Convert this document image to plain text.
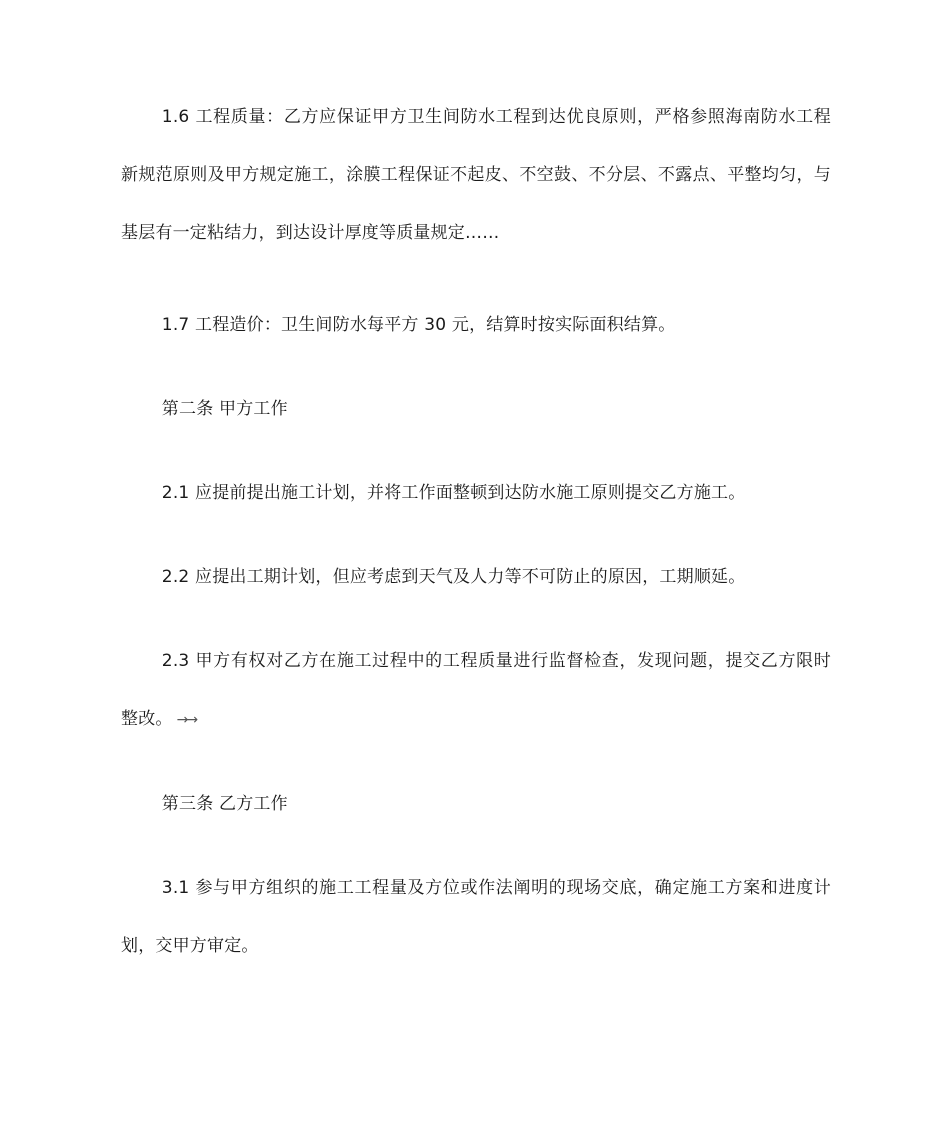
1.6 工程质量：乙方应保证甲方卫生间防水工程到达优良原则，严格参照海南防水工程新规范原则及甲方规定施工，涂膜工程保证不起皮、不空鼓、不分层、不露点、平整均匀，与基层有一定粘结力，到达设计厚度等质量规定……

1.7 工程造价：卫生间防水每平方 30 元，结算时按实际面积结算。

第二条 甲方工作

2.1 应提前提出施工计划，并将工作面整顿到达防水施工原则提交乙方施工。

2.2 应提出工期计划，但应考虑到天气及人力等不可防止的原因，工期顺延。

2.3 甲方有权对乙方在施工过程中的工程质量进行监督检查，发现问题，提交乙方限时整改。 →→

第三条 乙方工作

3.1 参与甲方组织的施工工程量及方位或作法阐明的现场交底，确定施工方案和进度计划，交甲方审定。
